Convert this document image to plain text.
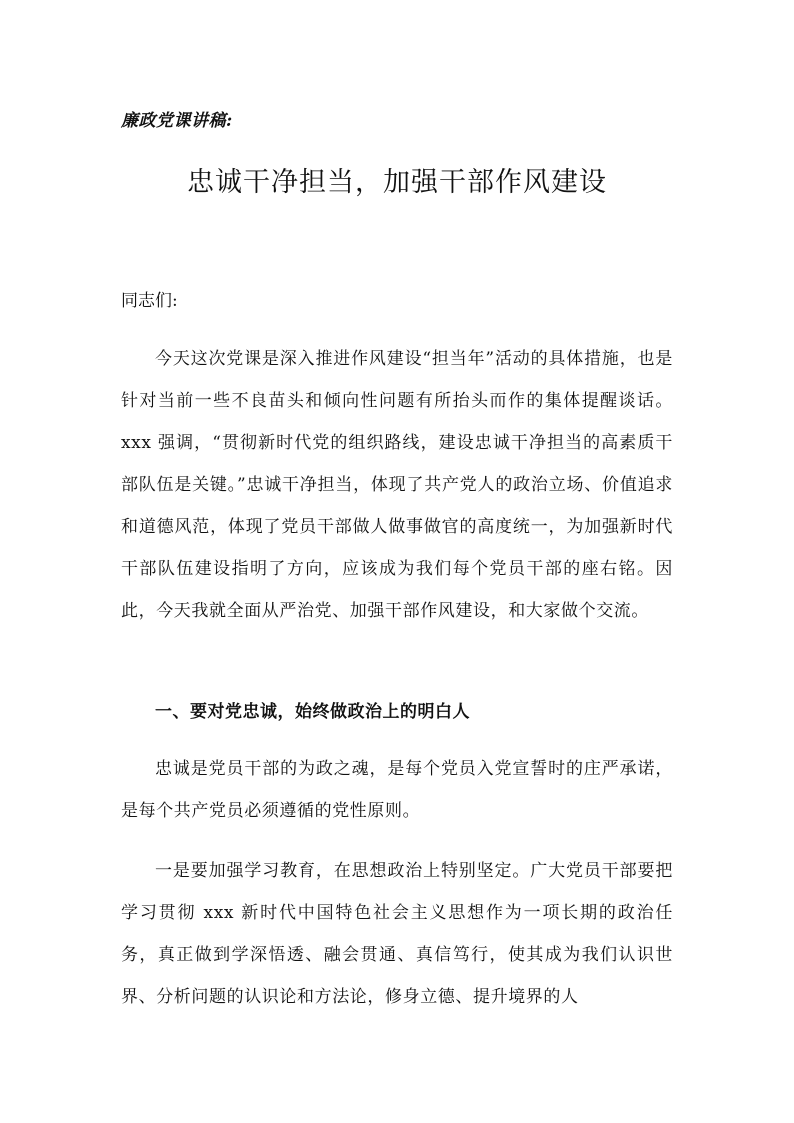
廉政党课讲稿:
忠诚干净担当，加强干部作风建设
同志们:

今天这次党课是深入推进作风建设“担当年”活动的具体措施，也是针对当前一些不良苗头和倾向性问题有所抬头而作的集体提醒谈话。xxx 强调，“贯彻新时代党的组织路线，建设忠诚干净担当的高素质干部队伍是关键。”忠诚干净担当，体现了共产党人的政治立场、价值追求和道德风范，体现了党员干部做人做事做官的高度统一，为加强新时代干部队伍建设指明了方向，应该成为我们每个党员干部的座右铭。因此，今天我就全面从严治党、加强干部作风建设，和大家做个交流。

一、要对党忠诚，始终做政治上的明白人

忠诚是党员干部的为政之魂，是每个党员入党宣誓时的庄严承诺，是每个共产党员必须遵循的党性原则。

一是要加强学习教育，在思想政治上特别坚定。广大党员干部要把学习贯彻 xxx 新时代中国特色社会主义思想作为一项长期的政治任务，真正做到学深悟透、融会贯通、真信笃行，使其成为我们认识世界、分析问题的认识论和方法论，修身立德、提升境界的人
